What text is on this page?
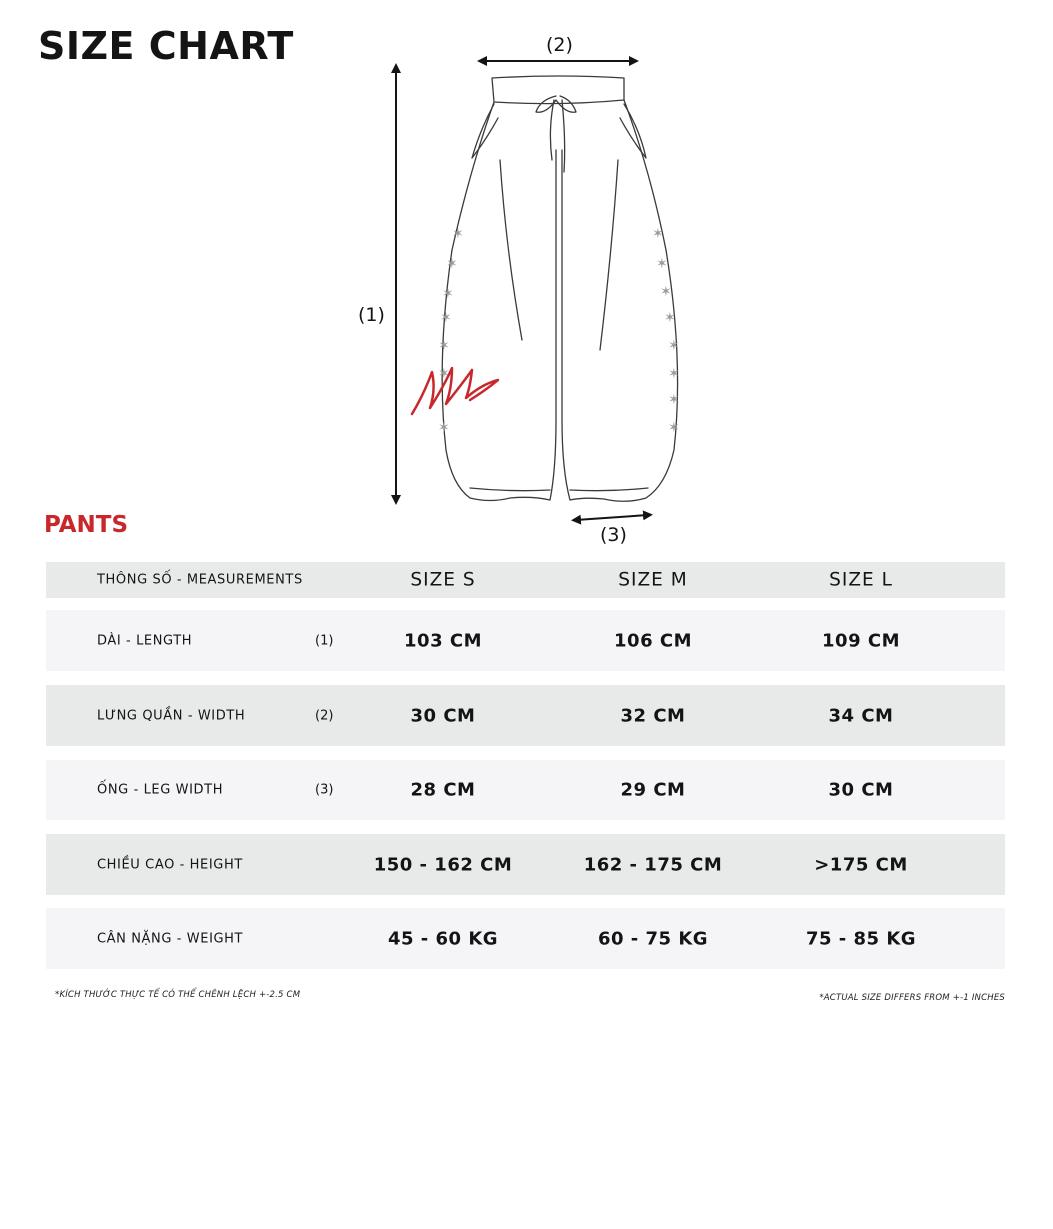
SIZE CHART
✶
✶
✶
✶
✶
✶
✶
✶
✶
✶
✶
✶
✶
✶
✶
(2)
(1)
(3)
PANTS
THÔNG SỐ - MEASUREMENTS	SIZE S	SIZE M	SIZE L
DÀI - LENGTH	(1)	103 CM	106 CM	109 CM
LƯNG QUẦN - WIDTH	(2)	30 CM	32 CM	34 CM
ỐNG - LEG WIDTH	(3)	28 CM	29 CM	30 CM
CHIỀU CAO - HEIGHT	150 - 162 CM	162 - 175 CM	>175 CM
CÂN NẶNG - WEIGHT	45 - 60 KG	60 - 75 KG	75 - 85 KG
*KÍCH THƯỚC THỰC TẾ CÓ THỂ CHÊNH LỆCH +-2.5 CM	*ACTUAL SIZE DIFFERS FROM +-1 INCHES
